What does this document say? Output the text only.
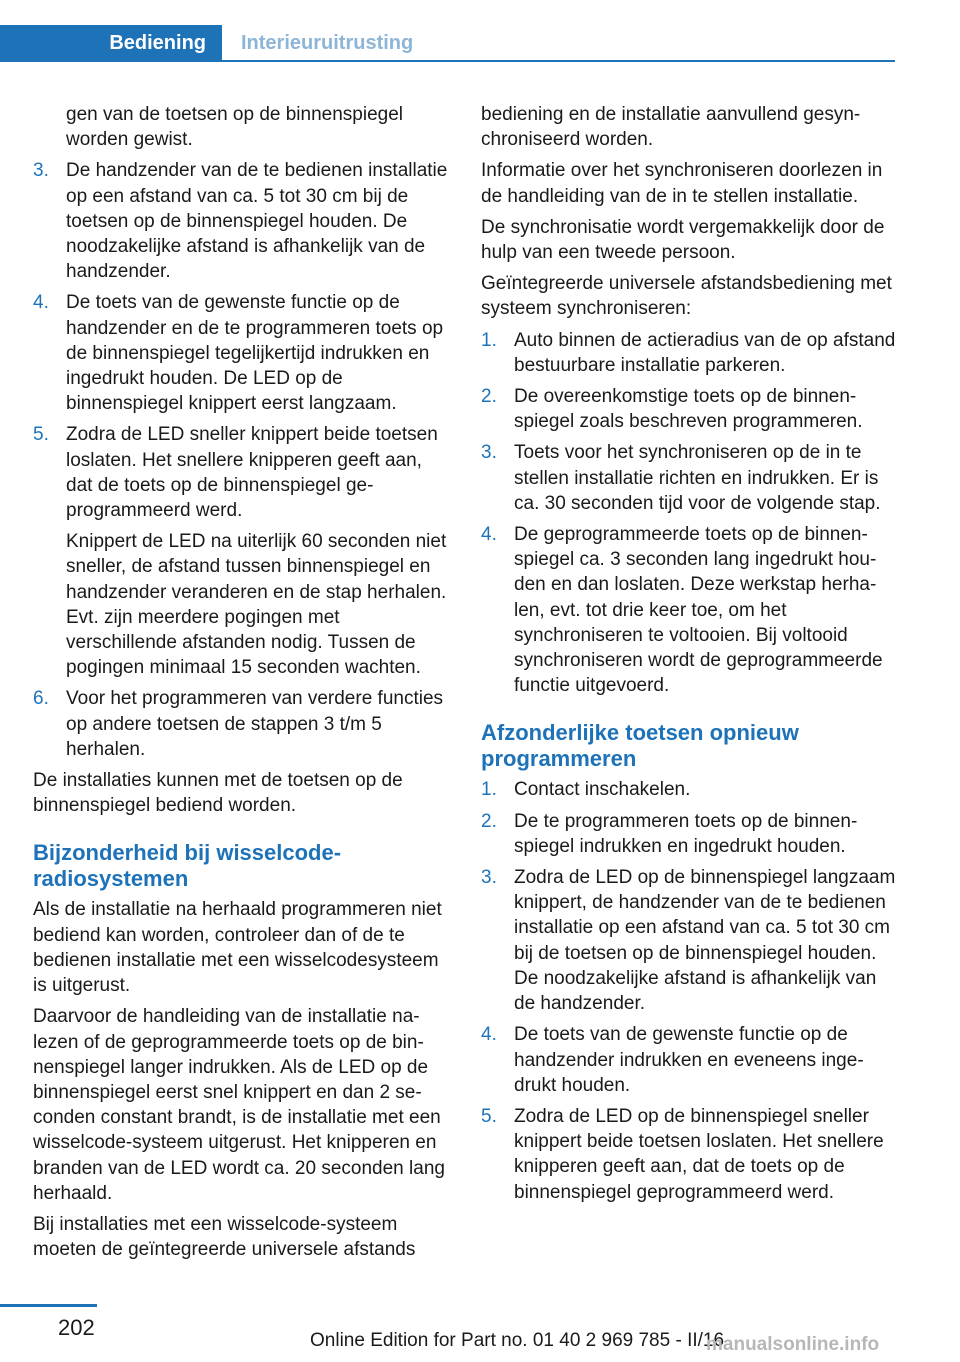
Bediening	Interieuruitrusting

gen van de toetsen op de binnenspiegel worden gewist.

3. De handzender van de te bedienen installatie op een afstand van ca. 5 tot 30 cm bij de toetsen op de binnenspiegel houden. De noodzakelijke afstand is afhankelijk van de handzender.
4. De toets van de gewenste functie op de handzender en de te programmeren toets op de binnenspiegel tegelijkertijd indrukken en ingedrukt houden. De LED op de binnenspiegel knippert eerst langzaam.
5. Zodra de LED sneller knippert beide toetsen loslaten. Het snellere knipperen geeft aan, dat de toets op de binnenspiegel geprogrammeerd werd.

Knippert de LED na uiterlijk 60 seconden niet sneller, de afstand tussen binnenspiegel en handzender veranderen en de stap herhalen. Evt. zijn meerdere pogingen met verschillende afstanden nodig. Tussen de pogingen minimaal 15 seconden wachten.

6. Voor het programmeren van verdere functies op andere toetsen de stappen 3 t/m 5 herhalen.

De installaties kunnen met de toetsen op de binnenspiegel bediend worden.

Bijzonderheid bij wisselcode-radiosystemen

Als de installatie na herhaald programmeren niet bediend kan worden, controleer dan of de te bedienen installatie met een wisselcodesysteem is uitgerust.

Daarvoor de handleiding van de installatie nalezen of de geprogrammeerde toets op de binnenspiegel langer indrukken. Als de LED op de binnenspiegel eerst snel knippert en dan 2 seconden constant brandt, is de installatie met een wisselcode-systeem uitgerust. Het knipperen en branden van de LED wordt ca. 20 seconden lang herhaald.

Bij installaties met een wisselcode-systeem moeten de geïntegreerde universele afstands

bediening en de installatie aanvullend gesynchroniseerd worden.

Informatie over het synchroniseren doorlezen in de handleiding van de in te stellen installatie.

De synchronisatie wordt vergemakkelijk door de hulp van een tweede persoon.

Geïntegreerde universele afstandsbediening met systeem synchroniseren:

1. Auto binnen de actieradius van de op afstand bestuurbare installatie parkeren.
2. De overeenkomstige toets op de binnenspiegel zoals beschreven programmeren.
3. Toets voor het synchroniseren op de in te stellen installatie richten en indrukken. Er is ca. 30 seconden tijd voor de volgende stap.
4. De geprogrammeerde toets op de binnenspiegel ca. 3 seconden lang ingedrukt houden en dan loslaten. Deze werkstap herhalen, evt. tot drie keer toe, om het synchroniseren te voltooien. Bij voltooid synchroniseren wordt de geprogrammeerde functie uitgevoerd.
Afzonderlijke toetsen opnieuw programmeren
1. Contact inschakelen.
2. De te programmeren toets op de binnenspiegel indrukken en ingedrukt houden.
3. Zodra de LED op de binnenspiegel langzaam knippert, de handzender van de te bedienen installatie op een afstand van ca. 5 tot 30 cm bij de toetsen op de binnenspiegel houden. De noodzakelijke afstand is afhankelijk van de handzender.
4. De toets van de gewenste functie op de handzender indrukken en eveneens ingedrukt houden.
5. Zodra de LED op de binnenspiegel sneller knippert beide toetsen loslaten. Het snellere knipperen geeft aan, dat de toets op de binnenspiegel geprogrammeerd werd.
202
Online Edition for Part no. 01 40 2 969 785 - II/16
manualsonline.info
